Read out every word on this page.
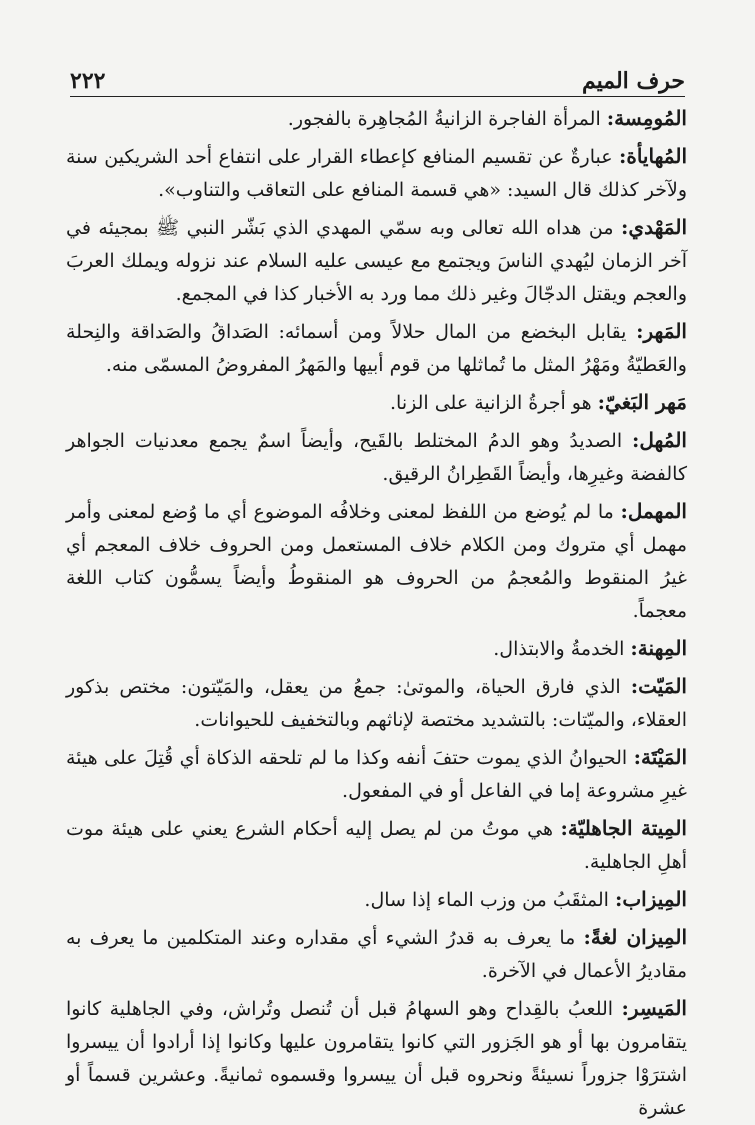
٢٢٢	حرف الميم

المُومِسة: المرأة الفاجرة الزانيةُ المُجاهِرة بالفجور.

المُهايأة: عبارةٌ عن تقسيم المنافع كإعطاء القرار على انتفاع أحد الشريكين سنة ولآخر كذلك قال السيد: «هي قسمة المنافع على التعاقب والتناوب».

المَهْدي: من هداه الله تعالى وبه سمّي المهدي الذي بَشّر النبي ﷺ بمجيئه في آخر الزمان ليُهدي الناسَ ويجتمع مع عيسى عليه السلام عند نزوله ويملك العربَ والعجم ويقتل الدجّالَ وغير ذلك مما ورد به الأخبار كذا في المجمع.

المَهر: يقابل البخضع من المال حلالاً ومن أسمائه: الصَداقُ والصَداقة والنِحلة والعَطيّةُ ومَهْرُ المثل ما تُماثلها من قوم أبيها والمَهرُ المفروضُ المسمّى منه.

مَهر البَغيّ: هو أجرةُ الزانية على الزنا.

المُهل: الصديدُ وهو الدمُ المختلط بالقَيح، وأيضاً اسمٌ يجمع معدنيات الجواهر كالفضة وغيرِها، وأيضاً القَطِرانُ الرقيق.

المهمل: ما لم يُوضع من اللفظ لمعنى وخلافُه الموضوع أي ما وُضع لمعنى وأمر مهمل أي متروك ومن الكلام خلاف المستعمل ومن الحروف خلاف المعجم أي غيرُ المنقوط والمُعجمُ من الحروف هو المنقوطُ وأيضاً يسمُّون كتاب اللغة معجماً.

المِهنة: الخدمةُ والابتذال.

المَيّت: الذي فارق الحياة، والموتىٰ: جمعُ من يعقل، والمَيّتون: مختص بذكور العقلاء، والميّتات: بالتشديد مختصة لإناثهم وبالتخفيف للحيوانات.

المَيْتَة: الحيوانُ الذي يموت حتفَ أنفه وكذا ما لم تلحقه الذكاة أي قُتِلَ على هيئة غيرِ مشروعة إما في الفاعل أو في المفعول.

المِيتة الجاهليّة: هي موتُ من لم يصل إليه أحكام الشرع يعني على هيئة موت أهلِ الجاهلية.

المِيزاب: المثقَبُ من وزب الماء إذا سال.

المِيزان لغةً: ما يعرف به قدرُ الشيء أي مقداره وعند المتكلمين ما يعرف به مقاديرُ الأعمال في الآخرة.

المَيسِر: اللعبُ بالقِداح وهو السهامُ قبل أن تُنصل وتُراش، وفي الجاهلية كانوا يتقامرون بها أو هو الجَزور التي كانوا يتقامرون عليها وكانوا إذا أرادوا أن ييسروا اشترَوْا جزوراً نسيئةً ونحروه قبل أن ييسروا وقسموه ثمانيةً. وعشرين قسماً أو عشرة
